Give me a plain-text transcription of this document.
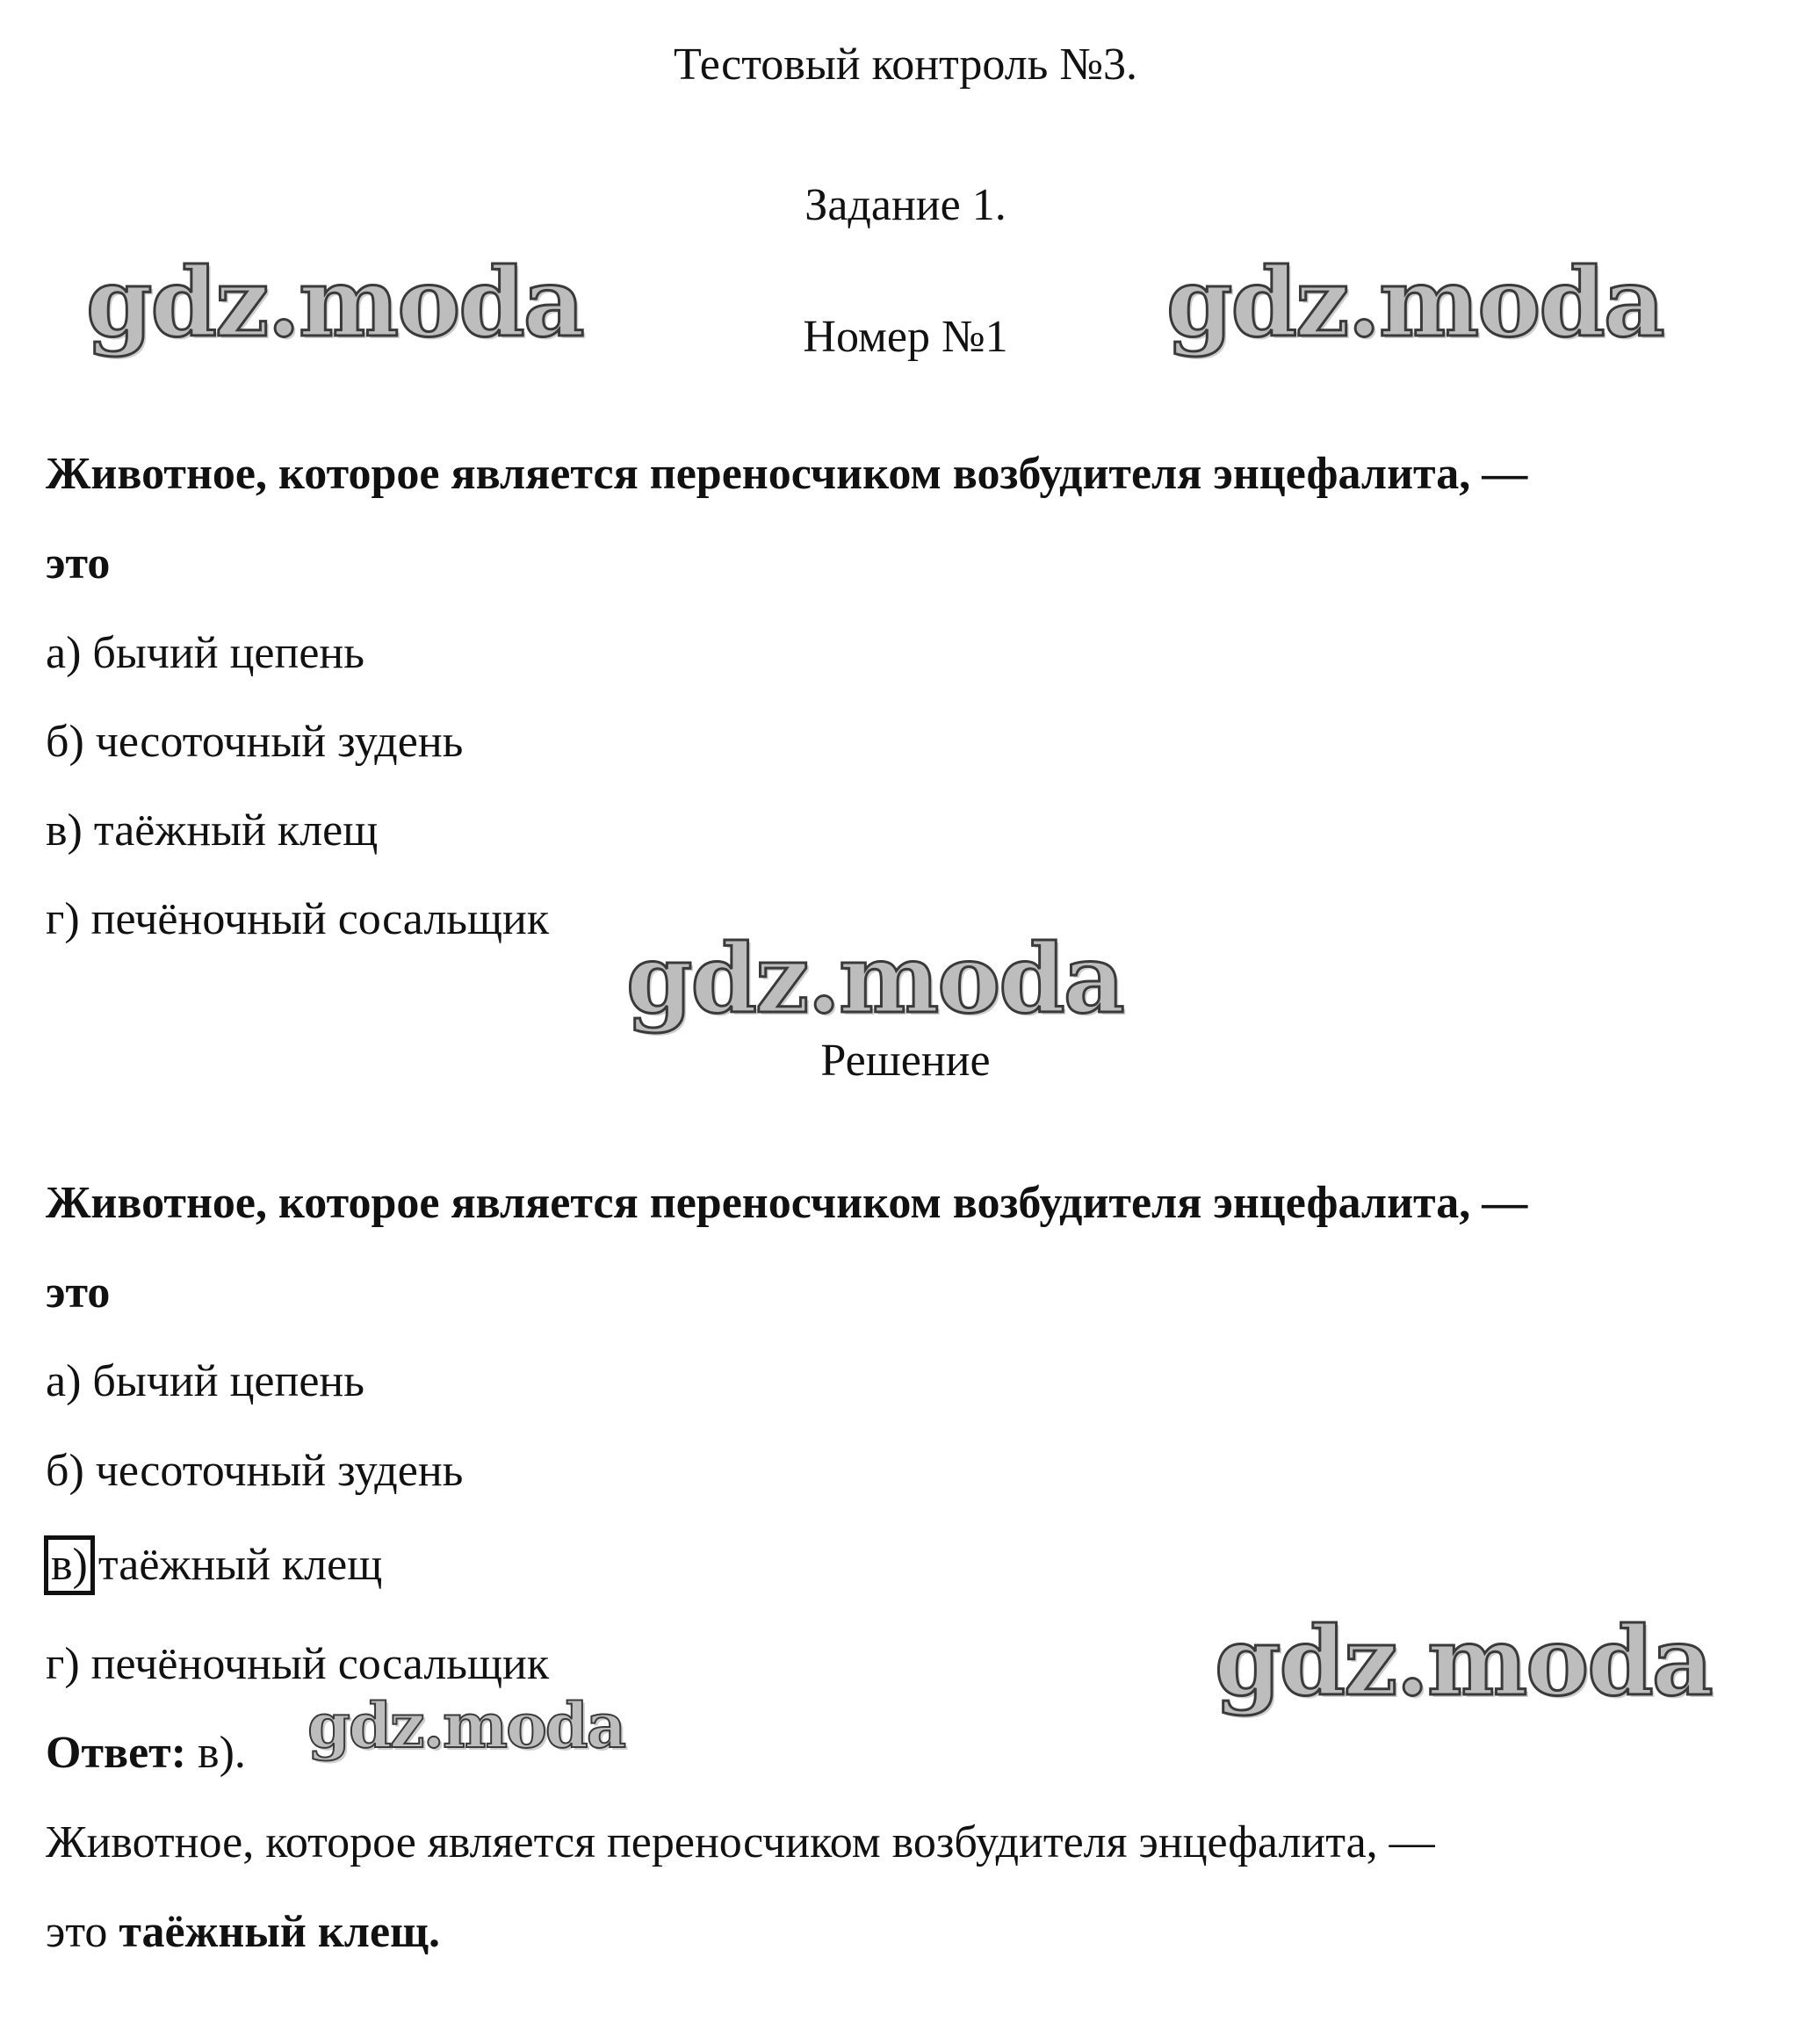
Тестовый контроль №3.
Задание 1.
Номер №1
Животное, которое является переносчиком возбудителя энцефалита, —
это
а) бычий цепень
б) чесоточный зудень
в) таёжный клещ
г) печёночный сосальщик
Решение
Животное, которое является переносчиком возбудителя энцефалита, —
это
а) бычий цепень
б) чесоточный зудень
в) таёжный клещ
г) печёночный сосальщик
Ответ: в).
Животное, которое является переносчиком возбудителя энцефалита, —
это таёжный клещ.
gdz.moda	gdz.moda
gdz.moda
gdz.moda
gdz.moda
